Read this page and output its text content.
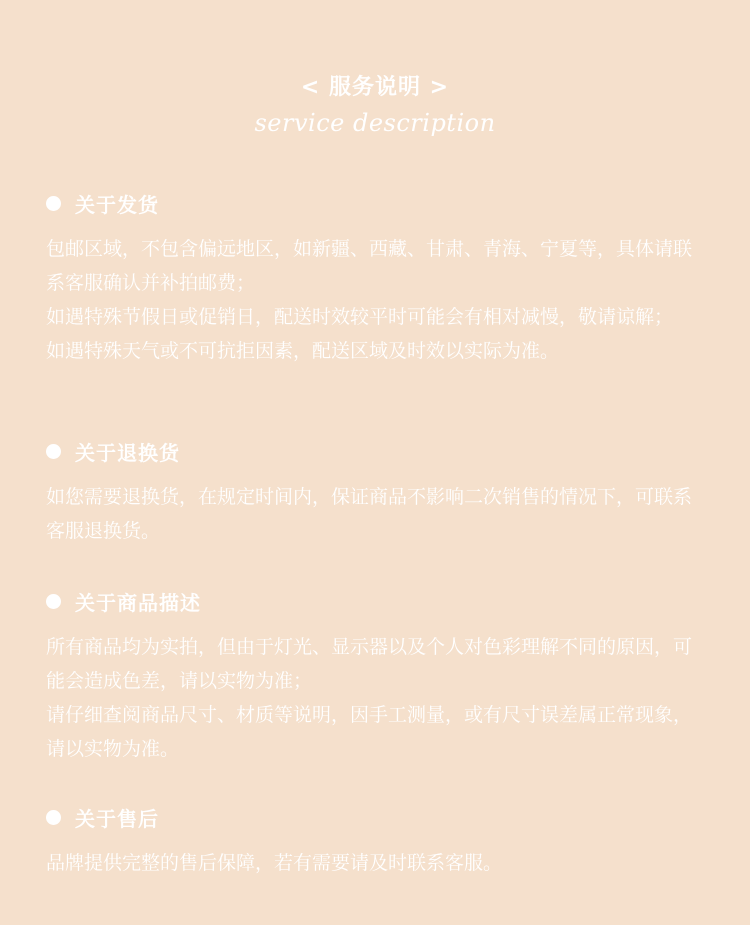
< 服务说明 >
service description
关于发货
包邮区域，不包含偏远地区，如新疆、西藏、甘肃、青海、宁夏等，具体请联系客服确认并补拍邮费；
如遇特殊节假日或促销日，配送时效较平时可能会有相对减慢，敬请谅解；
如遇特殊天气或不可抗拒因素，配送区域及时效以实际为准。
关于退换货
如您需要退换货，在规定时间内，保证商品不影响二次销售的情况下，可联系客服退换货。
关于商品描述
所有商品均为实拍，但由于灯光、显示器以及个人对色彩理解不同的原因，可能会造成色差，请以实物为准；
请仔细查阅商品尺寸、材质等说明，因手工测量，或有尺寸误差属正常现象，请以实物为准。
关于售后
品牌提供完整的售后保障，若有需要请及时联系客服。
